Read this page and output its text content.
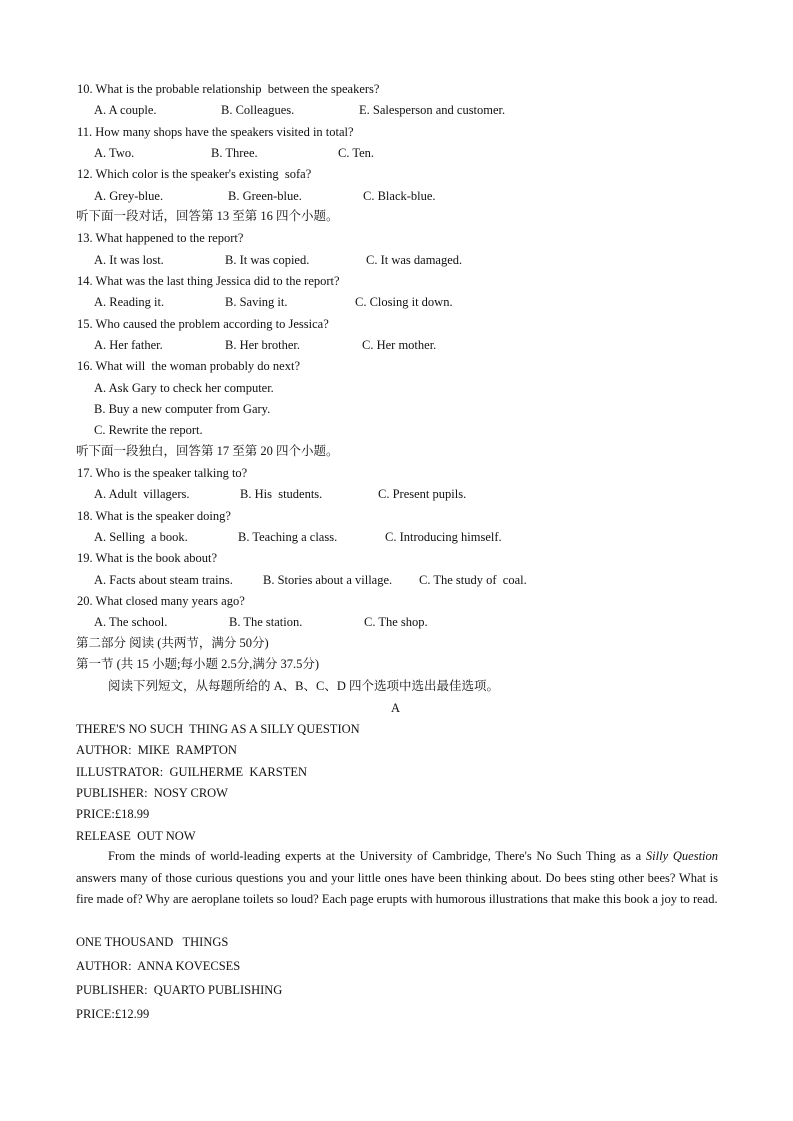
10. What is the probable relationship  between the speakers?
A. A couple.	B. Colleagues.	E. Salesperson and customer.
11. How many shops have the speakers visited in total?
A. Two.	B. Three.	C. Ten.
12. Which color is the speaker's existing  sofa?
A. Grey-blue.	B. Green-blue.	C. Black-blue.
听下面一段对话，回答第 13 至第 16 四个小题。
13. What happened to the report?
A. It was lost.	B. It was copied.	C. It was damaged.
14. What was the last thing Jessica did to the report?
A. Reading it.	B. Saving it.	C. Closing it down.
15. Who caused the problem according to Jessica?
A. Her father.	B. Her brother.	C. Her mother.
16. What will  the woman probably do next?
A. Ask Gary to check her computer.
B. Buy a new computer from Gary.
C. Rewrite the report.
听下面一段独白，回答第 17 至第 20 四个小题。
17. Who is the speaker talking to?
A. Adult  villagers.	B. His  students.	C. Present pupils.
18. What is the speaker doing?
A. Selling  a book.	B. Teaching a class.	C. Introducing himself.
19. What is the book about?
A. Facts about steam trains. B. Stories about a village. C. The study of  coal.
20. What closed many years ago?
A. The school.	B. The station.	C. The shop.
第二部分 阅读 (共两节，满分 50分)
第一节 (共 15 小题;每小题 2.5分,满分 37.5分)
阅读下列短文，从每题所给的 A、B、C、D 四个选项中选出最佳选项。
A
THERE'S NO SUCH  THING AS A SILLY QUESTION
AUTHOR:  MIKE  RAMPTON
ILLUSTRATOR:  GUILHERME  KARSTEN
PUBLISHER:  NOSY CROW
PRICE:£18.99
RELEASE  OUT NOW
From the minds of world-leading experts at the University of Cambridge, There's No Such Thing as a Silly Question answers many of those curious questions you and your little ones have been thinking about. Do bees sting other bees? What is fire made of? Why are aeroplane toilets so loud? Each page erupts with humorous illustrations that make this book a joy to read.
ONE THOUSAND   THINGS
AUTHOR:  ANNA KOVECSES
PUBLISHER:  QUARTO PUBLISHING
PRICE:£12.99
